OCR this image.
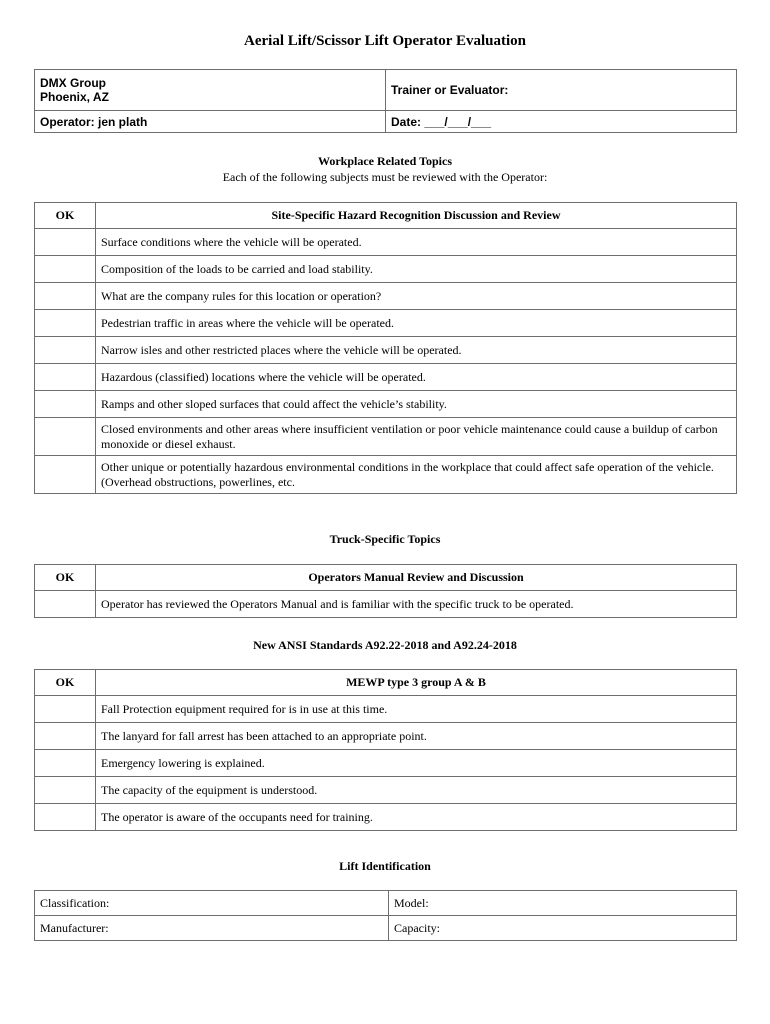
Aerial Lift/Scissor Lift Operator Evaluation
DMX Group
Phoenix, AZ	Trainer or Evaluator:
Operator: jen plath	Date: ___/___/___
Workplace Related Topics
Each of the following subjects must be reviewed with the Operator:
OK	Site-Specific Hazard Recognition Discussion and Review
	Surface conditions where the vehicle will be operated.
	Composition of the loads to be carried and load stability.
	What are the company rules for this location or operation?
	Pedestrian traffic in areas where the vehicle will be operated.
	Narrow isles and other restricted places where the vehicle will be operated.
	Hazardous (classified) locations where the vehicle will be operated.
	Ramps and other sloped surfaces that could affect the vehicle’s stability.
	Closed environments and other areas where insufficient ventilation or poor vehicle maintenance could cause a buildup of carbon monoxide or diesel exhaust.
	Other unique or potentially hazardous environmental conditions in the workplace that could affect safe operation of the vehicle. (Overhead obstructions, powerlines, etc.
Truck-Specific Topics
OK	Operators Manual Review and Discussion
	Operator has reviewed the Operators Manual and is familiar with the specific truck to be operated.
New ANSI Standards A92.22-2018 and A92.24-2018
OK	MEWP type 3 group A & B
	Fall Protection equipment required for is in use at this time.
	The lanyard for fall arrest has been attached to an appropriate point.
	Emergency lowering is explained.
	The capacity of the equipment is understood.
	The operator is aware of the occupants need for training.
Lift Identification
Classification:	Model:
Manufacturer:	Capacity:
